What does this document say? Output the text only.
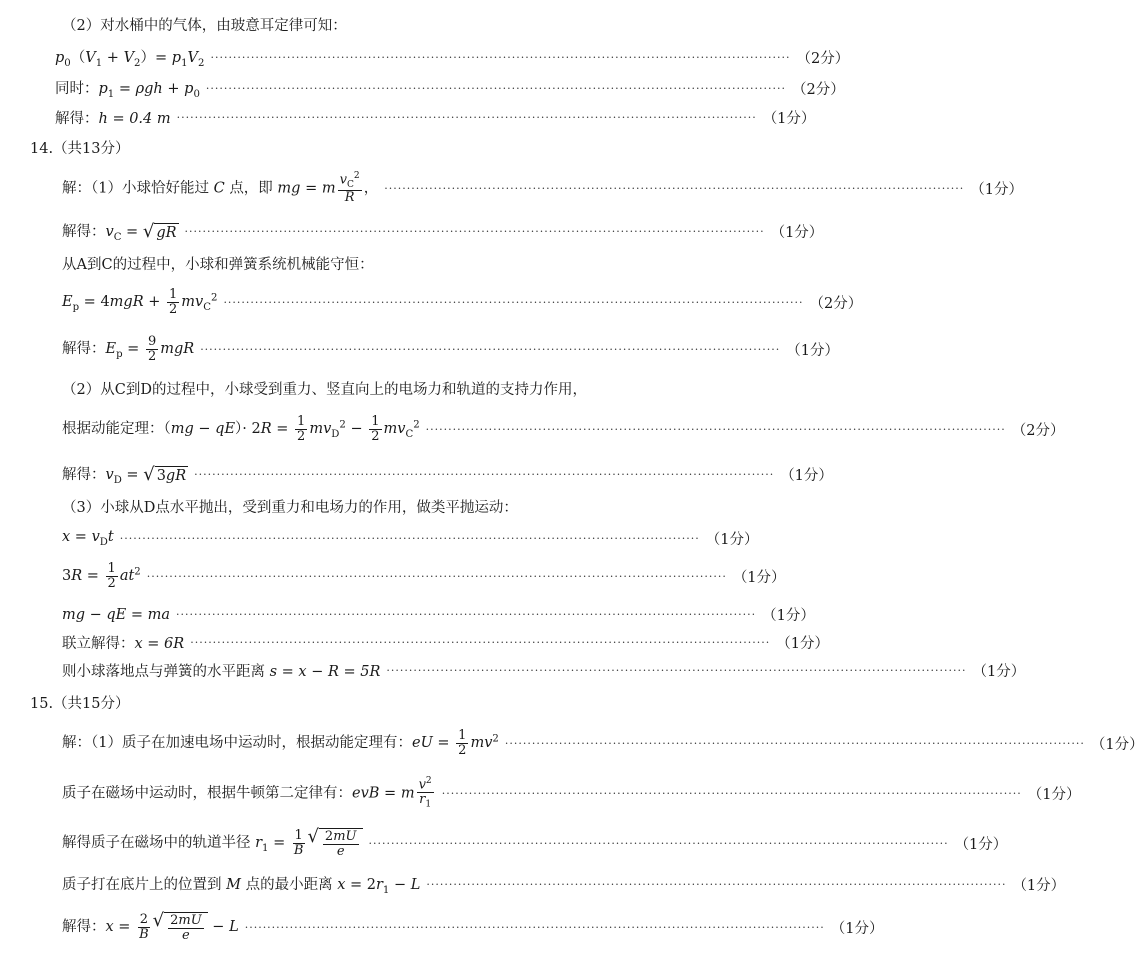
（2）对水桶中的气体，由玻意耳定律可知：
$p_0(V_1 + V_2)= p_1V_2$ ································································································································· （2分）
同时：$p_1 = \rho gh + p_0$ ································································································································· （2分）
解得：h = 0.4 m ································································································································· （1分）
14.（共13分）
解：（1）小球恰好能过 C 点，即 mg = m $\frac{v_C^2}{R}$ ， ································································································································· （1分）
解得：$v_C$ = √ gR ································································································································· （1分）
从A到C的过程中，小球和弹簧系统机械能守恒：
$E_p = 4mgR + \frac{1}{2} mv_C^2$ ································································································································· （2分）
解得：$E_p = \frac{9}{2}$ mgR ································································································································· （1分）
（2）从C到D的过程中，小球受到重力、竖直向上的电场力和轨道的支持力作用，
根据动能定理：$(mg - qE)\cdot 2R = \frac{1}{2} mv_D^2 - \frac{1}{2} mv_C^2$ ································································································································· （2分）
解得：$v_D$ = √ 3 gR ································································································································· （1分）
（3）小球从D点水平抛出，受到重力和电场力的作用，做类平抛运动：
$x = v_Dt$ ································································································································· （1分）
$3R = \frac{1}{2} at^2$ ································································································································· （1分）
mg − qE = ma ································································································································· （1分）
联立解得：x = 6R ································································································································· （1分）
则小球落地点与弹簧的水平距离 s = x − R = 5R ································································································································· （1分）
15.（共15分）
解：（1）质子在加速电场中运动时，根据动能定理有：eU = $\frac{1}{2} mv^2$ ································································································································· （1分）
质子在磁场中运动时，根据牛顿第二定律有：evB = m $\frac{v^2}{r_1}$ ································································································································· （1分）
解得质子在磁场中的轨道半径 $r_1 = \frac{1}{B}$ √ $\frac{2mU}{e}$ ································································································································· （1分）
质子打在底片上的位置到 M 点的最小距离 $x = 2r_1 - L$ ································································································································· （1分）
解得：$x = \frac{2}{B}$ √ $\frac{2mU}{e} - L$ ································································································································· （1分）
